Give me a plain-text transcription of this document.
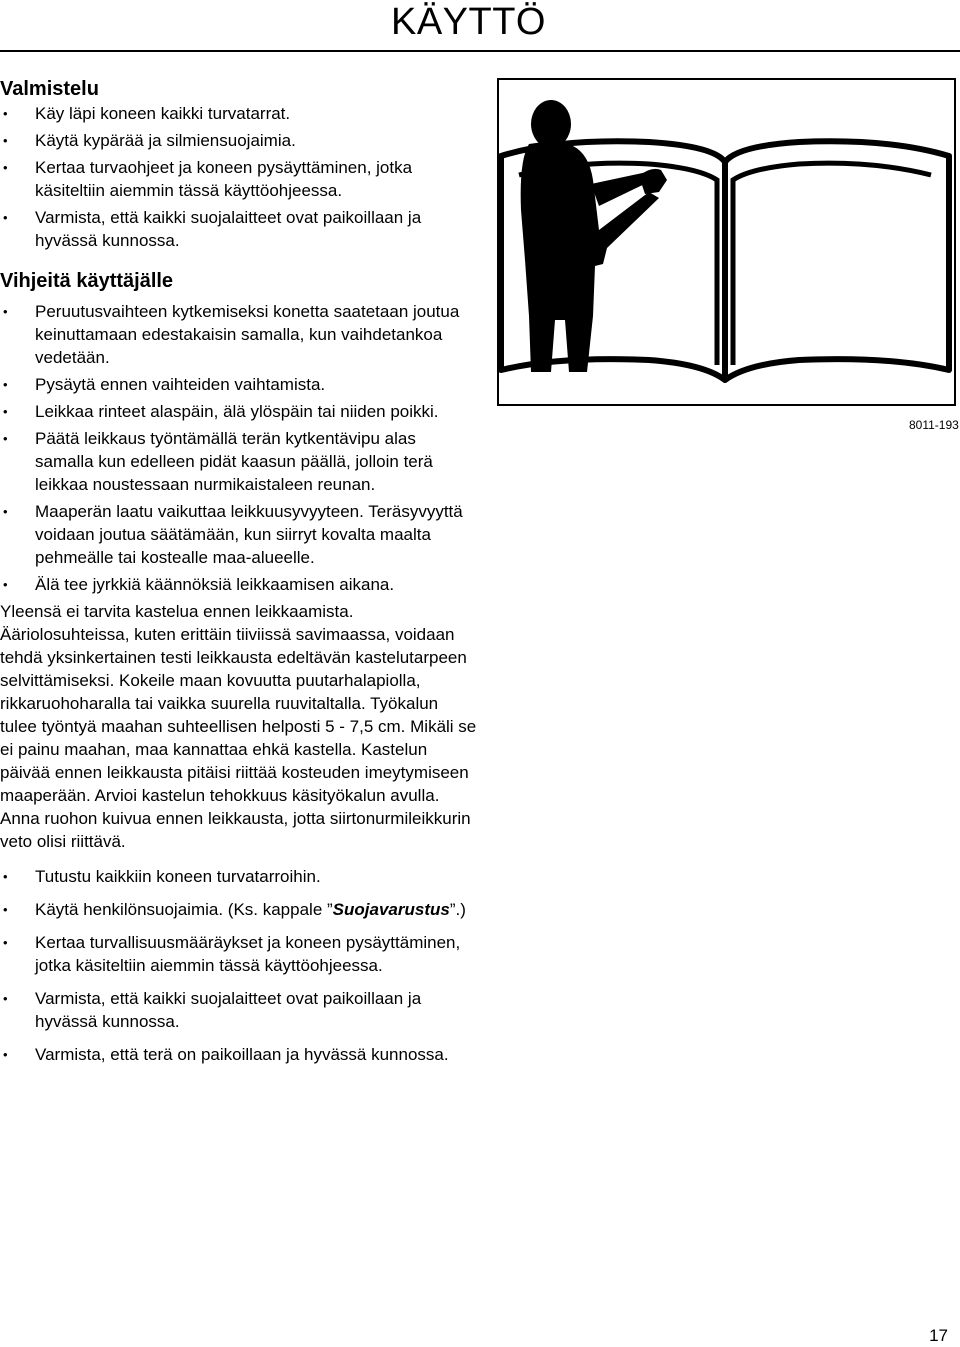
KÄYTTÖ
Valmistelu
• Käy läpi koneen kaikki turvatarrat.
• Käytä kypärää ja silmiensuojaimia.
• Kertaa turvaohjeet ja koneen pysäyttäminen, jotka käsiteltiin aiemmin tässä käyttöohjeessa.
• Varmista, että kaikki suojalaitteet ovat paikoillaan ja hyvässä kunnossa.
Vihjeitä käyttäjälle
• Peruutusvaihteen kytkemiseksi konetta saatetaan joutua keinuttamaan edestakaisin samalla, kun vaihdetankoa vedetään.
• Pysäytä ennen vaihteiden vaihtamista.
• Leikkaa rinteet alaspäin, älä ylöspäin tai niiden poikki.
• Päätä leikkaus työntämällä terän kytkentävipu alas samalla kun edelleen pidät kaasun päällä, jolloin terä leikkaa noustessaan nurmikaistaleen reunan.
• Maaperän laatu vaikuttaa leikkuusyvyyteen. Teräsyvyyttä voidaan joutua säätämään, kun siirryt kovalta maalta pehmeälle tai kostealle maa-alueelle.
• Älä tee jyrkkiä käännöksiä leikkaamisen aikana.

Yleensä ei tarvita kastelua ennen leikkaamista. Ääriolosuhteissa, kuten erittäin tiiviissä savimaassa, voidaan tehdä yksinkertainen testi leikkausta edeltävän kastelutarpeen selvittämiseksi. Kokeile maan kovuutta puutarhalapiolla, rikkaruohoharalla tai vaikka suurella ruuvitaltalla. Työkalun tulee työntyä maahan suhteellisen helposti 5 - 7,5 cm. Mikäli se ei painu maahan, maa kannattaa ehkä kastella. Kastelun päivää ennen leikkausta pitäisi riittää kosteuden imeytymiseen maaperään. Arvioi kastelun tehokkuus käsityökalun avulla. Anna ruohon kuivua ennen leikkausta, jotta siirtonurmileikkurin veto olisi riittävä.

• Tutustu kaikkiin koneen turvatarroihin.
• Käytä henkilönsuojaimia. (Ks. kappale ”Suojavarustus”.)
• Kertaa turvallisuusmääräykset ja koneen pysäyttäminen, jotka käsiteltiin aiemmin tässä käyttöohjeessa.
• Varmista, että kaikki suojalaitteet ovat paikoillaan ja hyvässä kunnossa.
• Varmista, että terä on paikoillaan ja hyvässä kunnossa.
8011-193
17
